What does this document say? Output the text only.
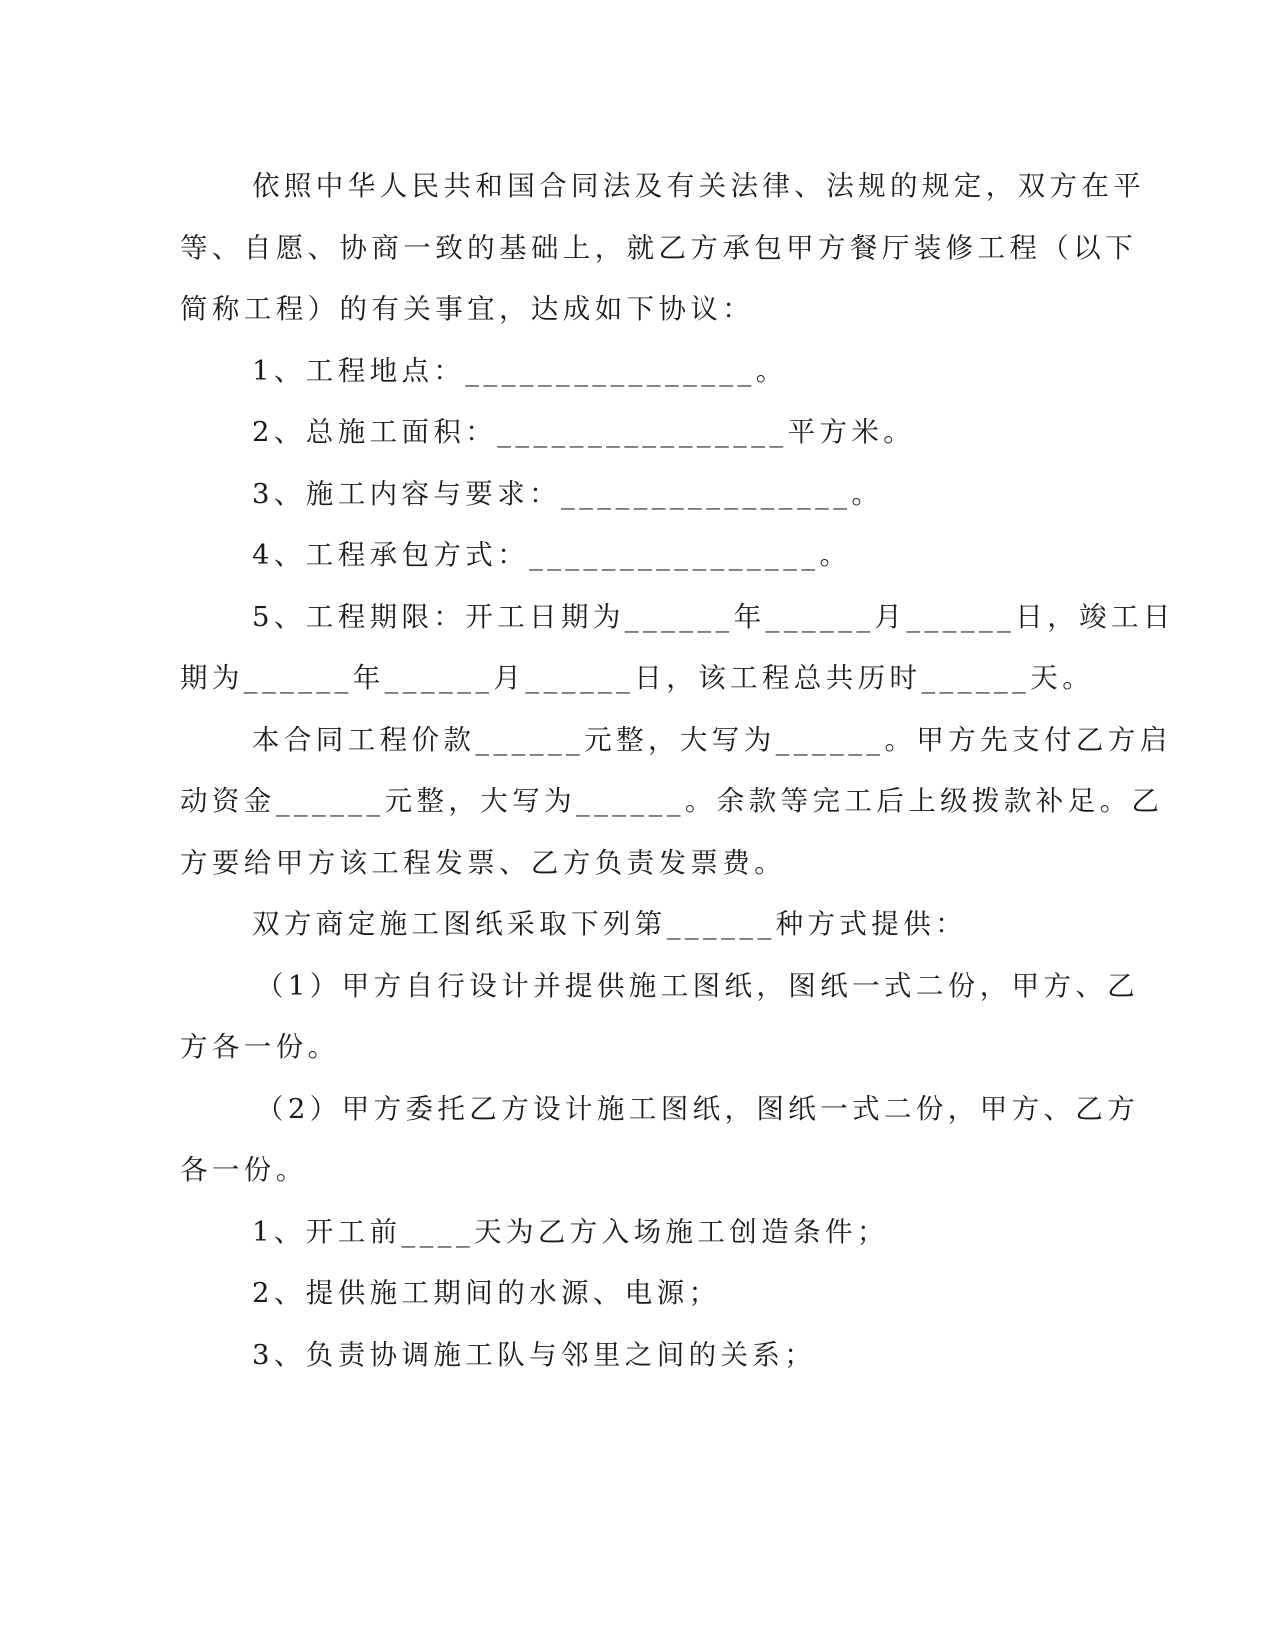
依照中华人民共和国合同法及有关法律、法规的规定，双方在平

等、自愿、协商一致的基础上，就乙方承包甲方餐厅装修工程（以下

简称工程）的有关事宜，达成如下协议：

1、工程地点：________________。

2、总施工面积：________________平方米。

3、施工内容与要求：________________。

4、工程承包方式：________________。

5、工程期限：开工日期为______年______月______日，竣工日

期为______年______月______日，该工程总共历时______天。

本合同工程价款______元整，大写为______。甲方先支付乙方启

动资金______元整，大写为______。余款等完工后上级拨款补足。乙

方要给甲方该工程发票、乙方负责发票费。

双方商定施工图纸采取下列第______种方式提供：

（1）甲方自行设计并提供施工图纸，图纸一式二份，甲方、乙

方各一份。

（2）甲方委托乙方设计施工图纸，图纸一式二份，甲方、乙方

各一份。

1、开工前____天为乙方入场施工创造条件；

2、提供施工期间的水源、电源；

3、负责协调施工队与邻里之间的关系；
